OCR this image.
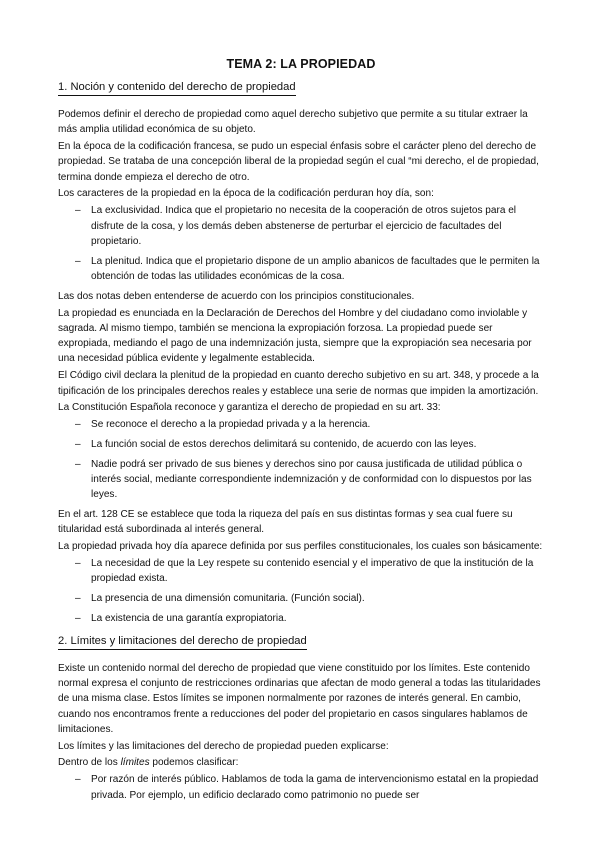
TEMA 2: LA PROPIEDAD
1. Noción y contenido del derecho de propiedad

Podemos definir el derecho de propiedad como aquel derecho subjetivo que permite a su titular extraer la más amplia utilidad económica de su objeto.

En la época de la codificación francesa, se pudo un especial énfasis sobre el carácter pleno del derecho de propiedad. Se trataba de una concepción liberal de la propiedad según el cual “mi derecho, el de propiedad, termina donde empieza el derecho de otro.

Los caracteres de la propiedad en la época de la codificación perduran hoy día, son:

– La exclusividad. Indica que el propietario no necesita de la cooperación de otros sujetos para el disfrute de la cosa, y los demás deben abstenerse de perturbar el ejercicio de facultades del propietario.
– La plenitud. Indica que el propietario dispone de un amplio abanicos de facultades que le permiten la obtención de todas las utilidades económicas de la cosa.

Las dos notas deben entenderse de acuerdo con los principios constitucionales.

La propiedad es enunciada en la Declaración de Derechos del Hombre y del ciudadano como inviolable y sagrada. Al mismo tiempo, también se menciona la expropiación forzosa. La propiedad puede ser expropiada, mediando el pago de una indemnización justa, siempre que la expropiación sea necesaria por una necesidad pública evidente y legalmente establecida.

El Código civil declara la plenitud de la propiedad en cuanto derecho subjetivo en su art. 348, y procede a la tipificación de los principales derechos reales y establece una serie de normas que impiden la amortización.

La Constitución Española reconoce y garantiza el derecho de propiedad en su art. 33:

– Se reconoce el derecho a la propiedad privada y a la herencia.
– La función social de estos derechos delimitará su contenido, de acuerdo con las leyes.
– Nadie podrá ser privado de sus bienes y derechos sino por causa justificada de utilidad pública o interés social, mediante correspondiente indemnización y de conformidad con lo dispuestos por las leyes.

En el art. 128 CE se establece que toda la riqueza del país en sus distintas formas y sea cual fuere su titularidad está subordinada al interés general.

La propiedad privada hoy día aparece definida por sus perfiles constitucionales, los cuales son básicamente:

– La necesidad de que la Ley respete su contenido esencial y el imperativo de que la institución de la propiedad exista.
– La presencia de una dimensión comunitaria. (Función social).
– La existencia de una garantía expropiatoria.
2. Límites y limitaciones del derecho de propiedad

Existe un contenido normal del derecho de propiedad que viene constituido por los límites. Este contenido normal expresa el conjunto de restricciones ordinarias que afectan de modo general a todas las titularidades de una misma clase. Estos límites se imponen normalmente por razones de interés general. En cambio, cuando nos encontramos frente a reducciones del poder del propietario en casos singulares hablamos de limitaciones.

Los límites y las limitaciones del derecho de propiedad pueden explicarse:

Dentro de los límites podemos clasificar:

– Por razón de interés público. Hablamos de toda la gama de intervencionismo estatal en la propiedad privada. Por ejemplo, un edificio declarado como patrimonio no puede ser
